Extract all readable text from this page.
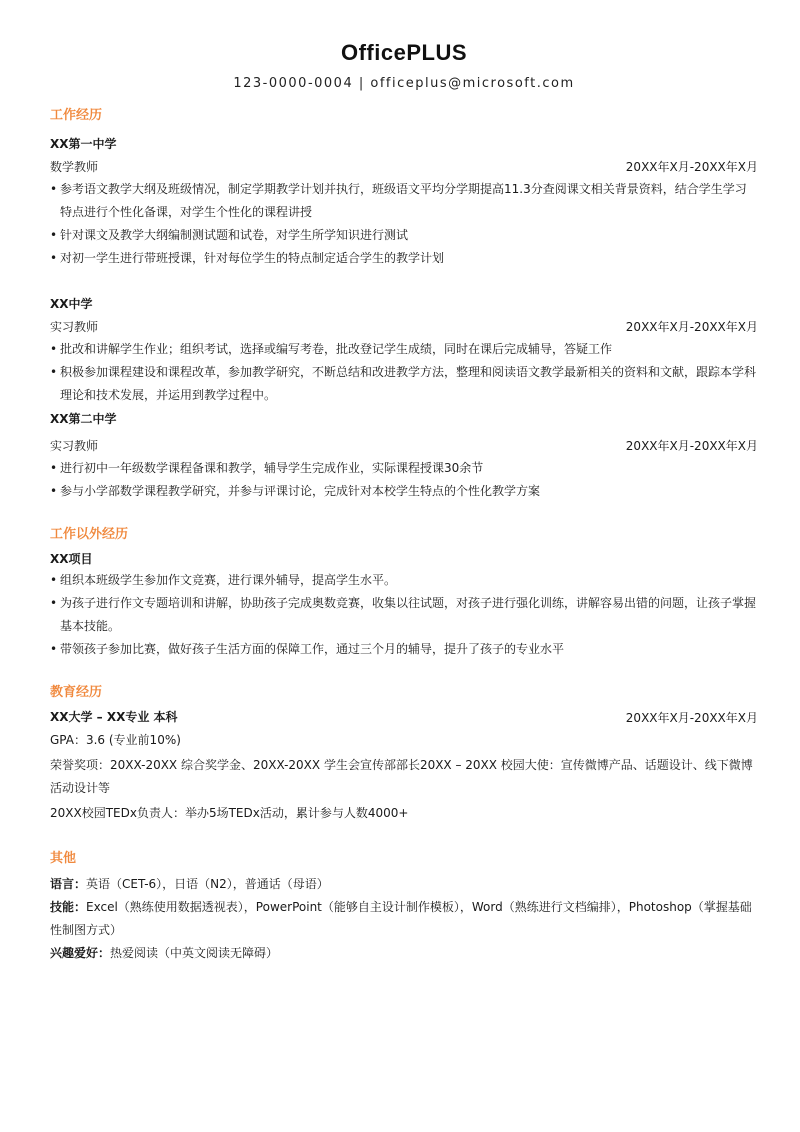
OfficePLUS
123-0000-0004 | officeplus@microsoft.com
工作经历
XX第一中学
数学教师	20XX年X月-20XX年X月
• 参考语文教学大纲及班级情况，制定学期教学计划并执行，班级语文平均分学期提高11.3分查阅课文相关背景资料，结合学生学习特点进行个性化备课，对学生个性化的课程讲授
• 针对课文及教学大纲编制测试题和试卷，对学生所学知识进行测试
• 对初一学生进行带班授课，针对每位学生的特点制定适合学生的教学计划
XX中学
实习教师	20XX年X月-20XX年X月
• 批改和讲解学生作业；组织考试，选择或编写考卷，批改登记学生成绩，同时在课后完成辅导，答疑工作
• 积极参加课程建设和课程改革，参加教学研究，不断总结和改进教学方法，整理和阅读语文教学最新相关的资料和文献，跟踪本学科理论和技术发展，并运用到教学过程中。
XX第二中学
实习教师	20XX年X月-20XX年X月
• 进行初中一年级数学课程备课和教学，辅导学生完成作业，实际课程授课30余节
• 参与小学部数学课程教学研究，并参与评课讨论，完成针对本校学生特点的个性化教学方案
工作以外经历
XX项目
• 组织本班级学生参加作文竞赛，进行课外辅导，提高学生水平。
• 为孩子进行作文专题培训和讲解，协助孩子完成奥数竞赛，收集以往试题，对孩子进行强化训练，讲解容易出错的问题，让孩子掌握基本技能。
• 带领孩子参加比赛，做好孩子生活方面的保障工作，通过三个月的辅导，提升了孩子的专业水平
教育经历
XX大学 – XX专业 本科	20XX年X月-20XX年X月
GPA：3.6 (专业前10%)
荣誉奖项：20XX-20XX 综合奖学金、20XX-20XX 学生会宣传部部长20XX – 20XX 校园大使：宣传微博产品、话题设计、线下微博活动设计等
20XX校园TEDx负责人：举办5场TEDx活动，累计参与人数4000+
其他
语言：英语（CET-6），日语（N2），普通话（母语）
技能：Excel（熟练使用数据透视表），PowerPoint（能够自主设计制作模板），Word（熟练进行文档编排），Photoshop（掌握基础性制图方式）
兴趣爱好：热爱阅读（中英文阅读无障碍）
